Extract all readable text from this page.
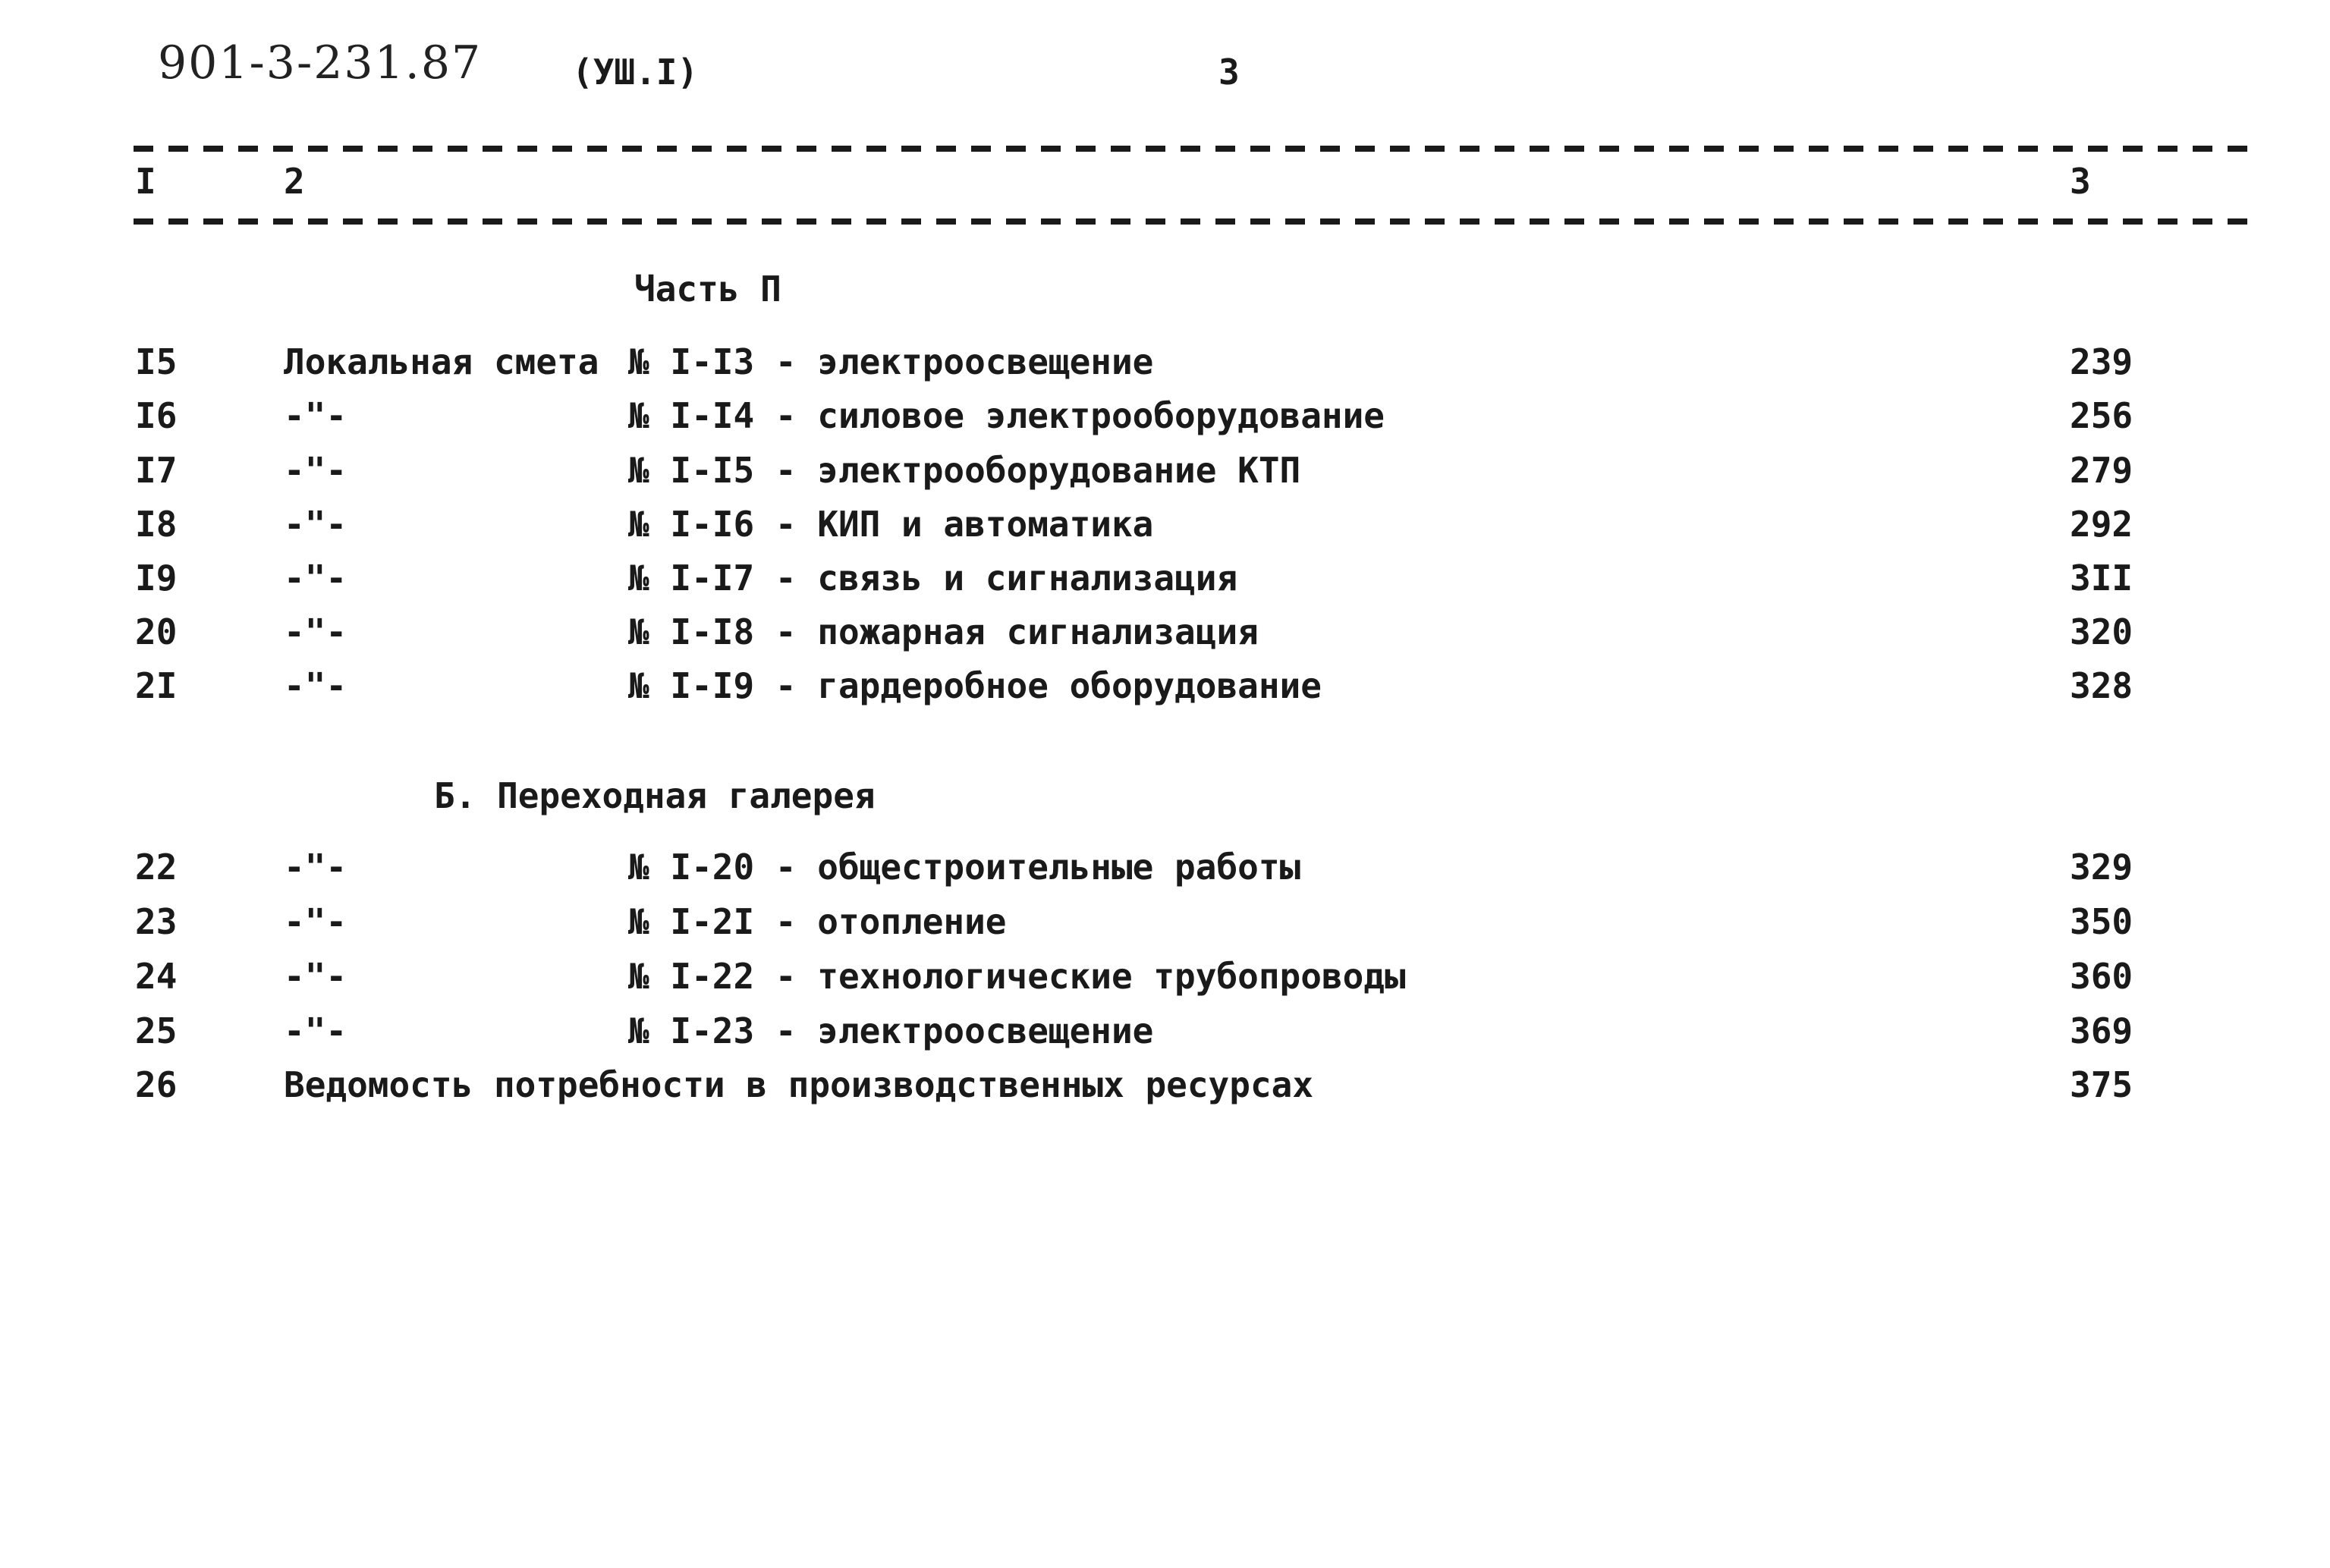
901-3-231.87	(УШ.I)	3
I	2	3
Часть П
I5	Локальная смета № I-I3 - электроосвещение	239
I6	-"-	№ I-I4 - силовое электрооборудование	256
I7	-"-	№ I-I5 - электрооборудование КТП	279
I8	-"-	№ I-I6 - КИП и автоматика	292
I9	-"-	№ I-I7 - связь и сигнализация	3II
20	-"-	№ I-I8 - пожарная сигнализация	320
2I	-"-	№ I-I9 - гардеробное оборудование	328
Б. Переходная галерея
22	-"-	№ I-20 - общестроительные работы	329
23	-"-	№ I-2I - отопление	350
24	-"-	№ I-22 - технологические трубопроводы	360
25	-"-	№ I-23 - электроосвещение	369
26	Ведомость потребности в производственных ресурсах	375
